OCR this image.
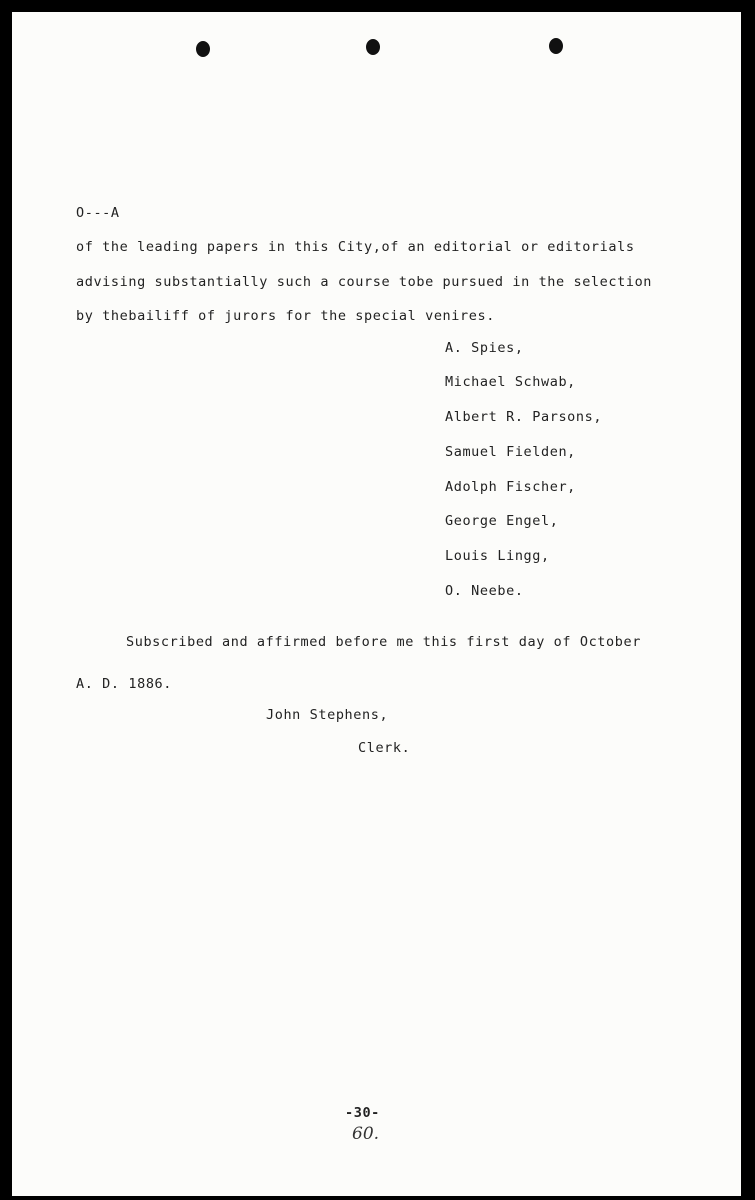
O---A
of the leading papers in this City,of an editorial or editorials
advising substantially such a course tobe pursued in the selection
by thebailiff of jurors for the special venires.
A. Spies,
Michael Schwab,
Albert R. Parsons,
Samuel Fielden,
Adolph Fischer,
George Engel,
Louis Lingg,
O. Neebe.
Subscribed and affirmed before me this first day of October
A. D. 1886.
John Stephens,
Clerk.
-30-
60.
